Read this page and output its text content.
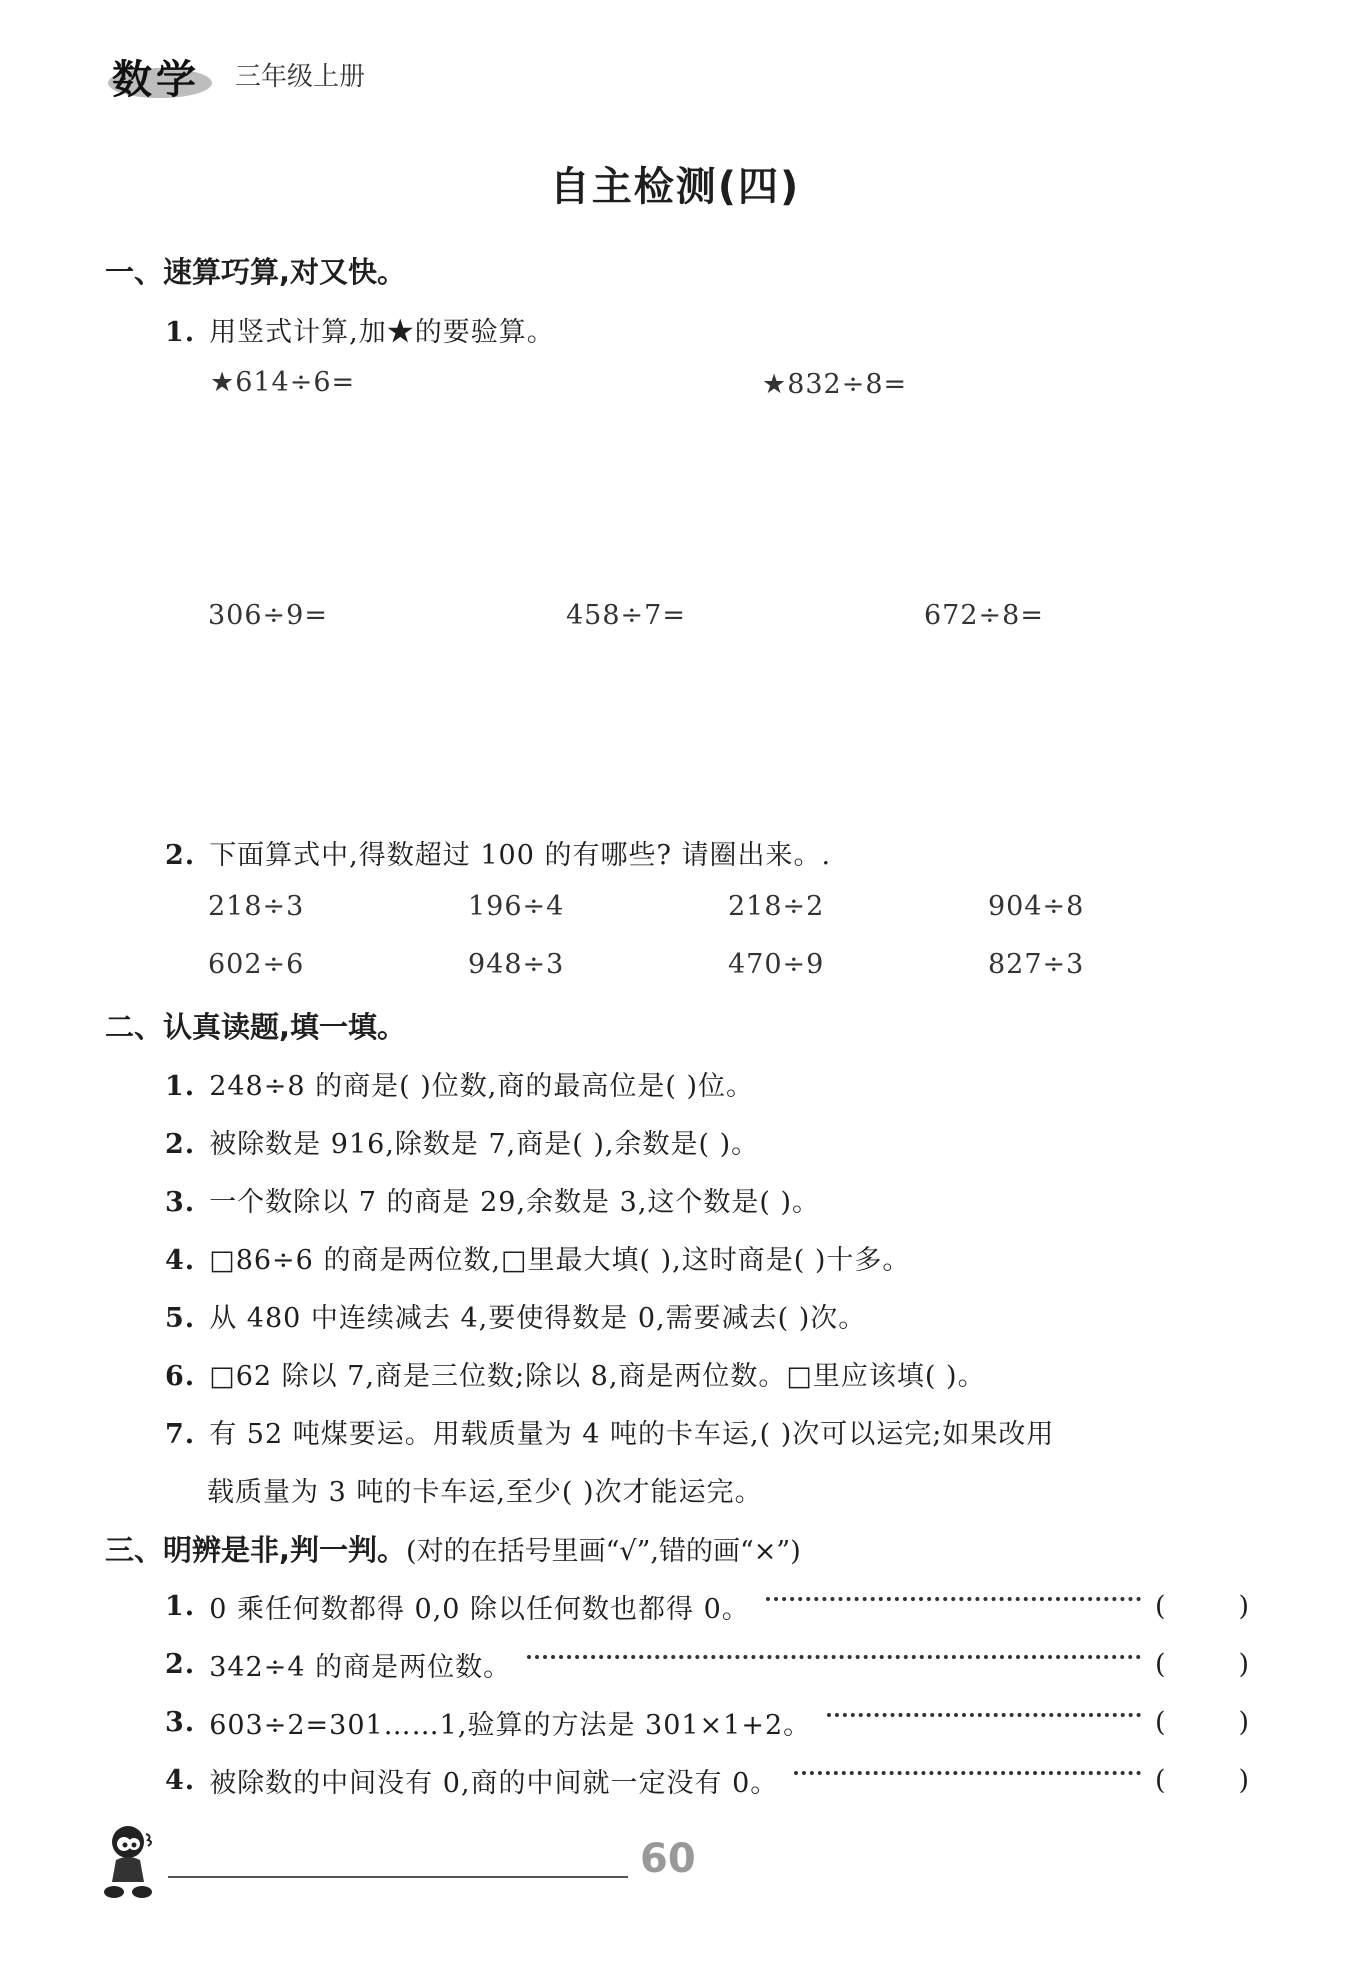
数学 三年级上册
自主检测(四)
一、速算巧算,对又快。
1. 用竖式计算,加★的要验算。
★614÷6=	★832÷8=
306÷9=	458÷7=	672÷8=
2. 下面算式中,得数超过 100 的有哪些? 请圈出来。.
218÷3	196÷4	218÷2	904÷8
602÷6	948÷3	470÷9	827÷3
二、认真读题,填一填。
1. 248÷8 的商是( )位数,商的最高位是( )位。
2. 被除数是 916,除数是 7,商是( ),余数是( )。
3. 一个数除以 7 的商是 29,余数是 3,这个数是( )。
4. □86÷6 的商是两位数,□里最大填( ),这时商是( )十多。
5. 从 480 中连续减去 4,要使得数是 0,需要减去( )次。
6. □62 除以 7,商是三位数;除以 8,商是两位数。□里应该填( )。
7. 有 52 吨煤要运。用载质量为 4 吨的卡车运,( )次可以运完;如果改用
载质量为 3 吨的卡车运,至少( )次才能运完。
三、明辨是非,判一判。(对的在括号里画“√”,错的画“×”)
1. 0 乘任何数都得 0,0 除以任何数也都得 0。	(	)
2. 342÷4 的商是两位数。	(	)
3. 603÷2=301……1,验算的方法是 301×1+2。	(	)
4. 被除数的中间没有 0,商的中间就一定没有 0。	(	)
60
